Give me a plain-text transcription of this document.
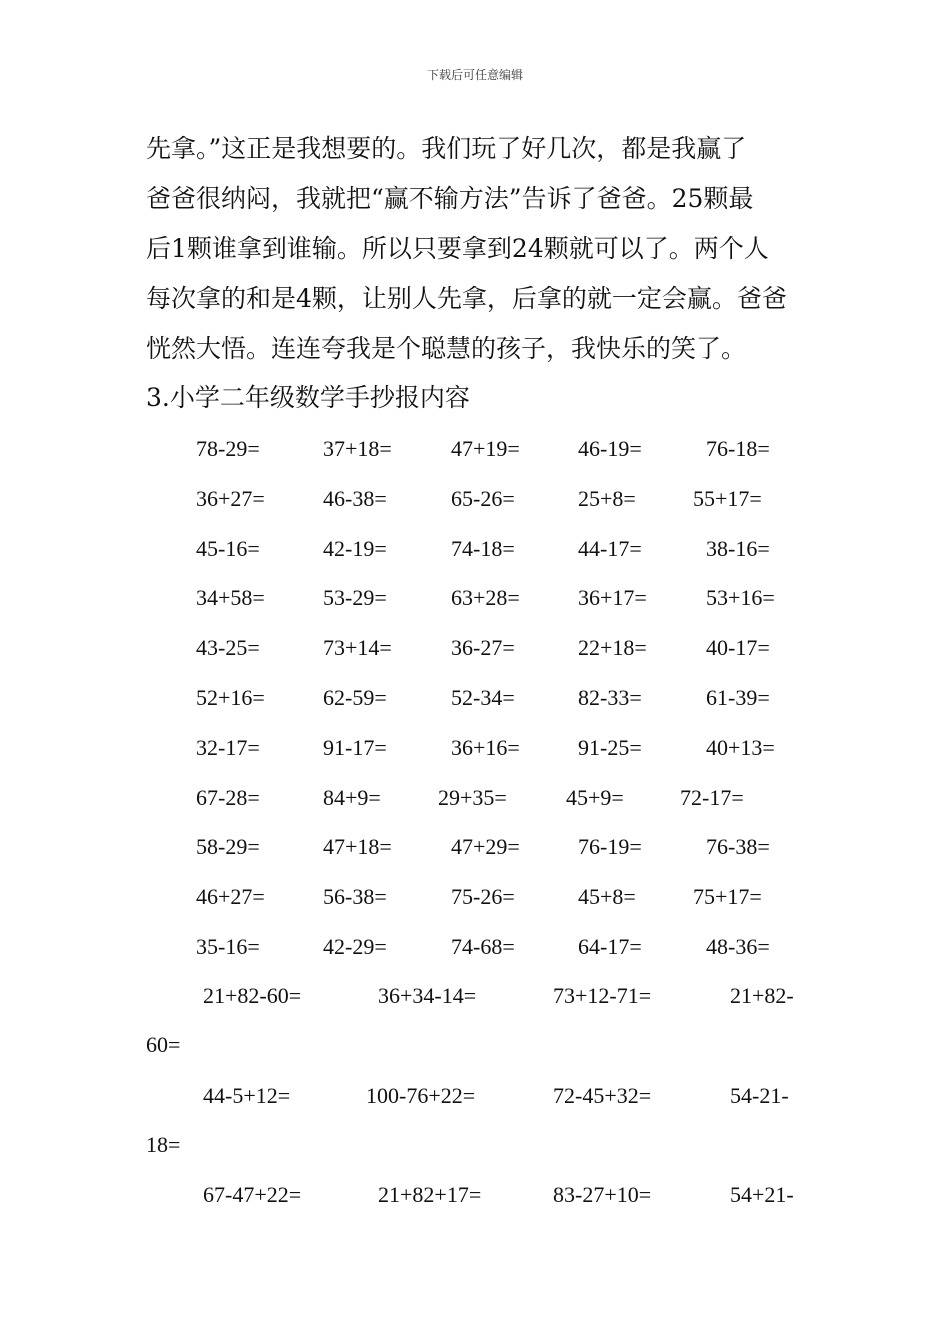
下载后可任意编辑
先拿。”这正是我想要的。我们玩了好几次，都是我赢了
爸爸很纳闷，我就把“赢不输方法”告诉了爸爸。25颗最
后1颗谁拿到谁输。所以只要拿到24颗就可以了。两个人
每次拿的和是4颗，让别人先拿，后拿的就一定会赢。爸爸
恍然大悟。连连夸我是个聪慧的孩子，我快乐的笑了。
3.小学二年级数学手抄报内容
78-29=	37+18=	47+19=	46-19=	76-18=
36+27=	46-38=	65-26=	25+8=	55+17=
45-16=	42-19=	74-18=	44-17=	38-16=
34+58=	53-29=	63+28=	36+17=	53+16=
43-25=	73+14=	36-27=	22+18=	40-17=
52+16=	62-59=	52-34=	82-33=	61-39=
32-17=	91-17=	36+16=	91-25=	40+13=
67-28=	84+9=	29+35=	45+9=	72-17=
58-29=	47+18=	47+29=	76-19=	76-38=
46+27=	56-38=	75-26=	45+8=	75+17=
35-16=	42-29=	74-68=	64-17=	48-36=
21+82-60=	36+34-14=	73+12-71=	21+82-
60=
44-5+12=	100-76+22=	72-45+32=	54-21-
18=
67-47+22=	21+82+17=	83-27+10=	54+21-
